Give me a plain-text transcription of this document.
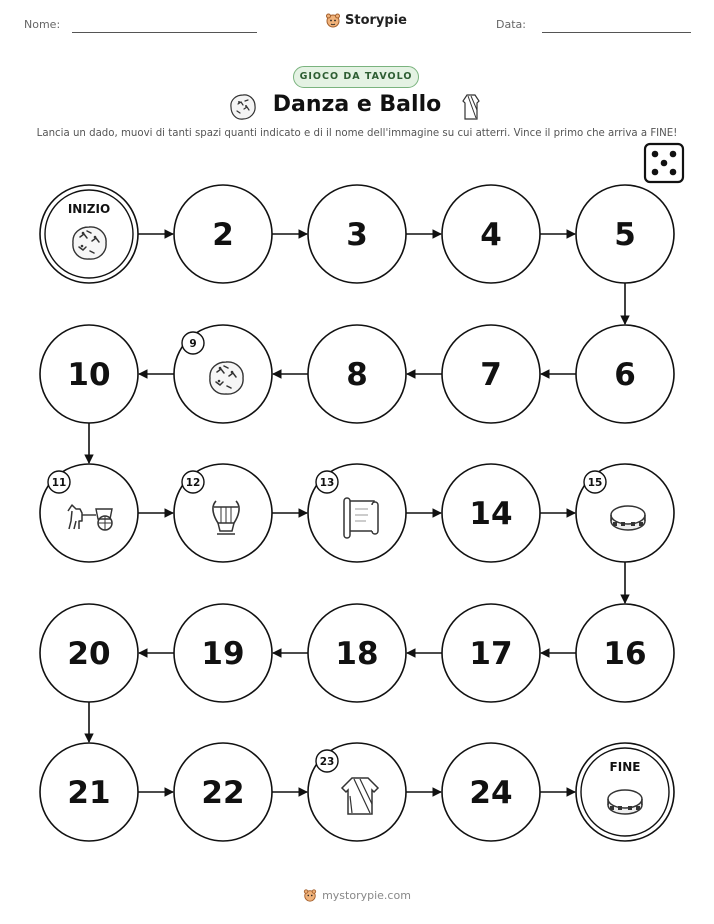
Nome:	Storypie	Data:
GIOCO DA TAVOLO
Danza e Ballo
Lancia un dado, muovi di tanti spazi quanti indicato e di il nome dell'immagine su cui atterri. Vince il primo che arriva a FINE!
INIZIO
2	3	4	5
6
7
8
9
10
11	12	13
14
15
16
17
18
19
20
21	22
23
24
FINE
mystorypie.com
